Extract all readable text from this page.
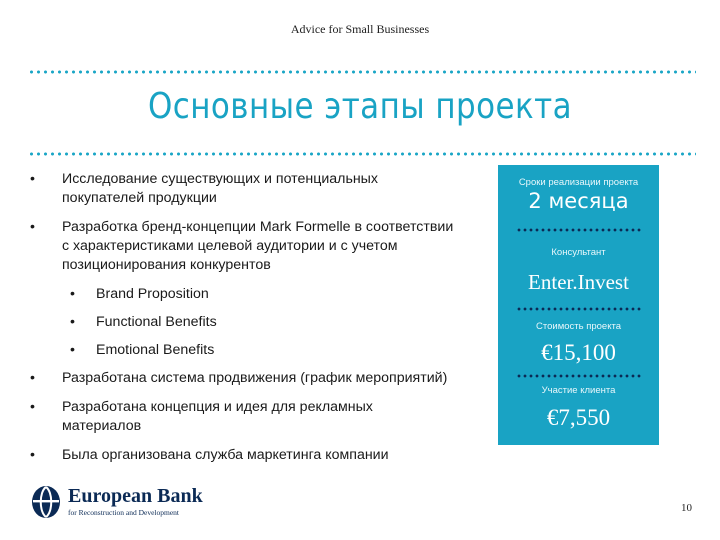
Advice for Small Businesses
Основные этапы проекта
• Исследование существующих и потенциальных покупателей продукции
• Разработка бренд-концепции Mark Formelle в соответствии с характеристиками целевой аудитории и с учетом позиционирования конкурентов
• Brand Proposition
• Functional Benefits
• Emotional Benefits
• Разработана система продвижения (график мероприятий)
• Разработана концепция и идея для рекламных материалов
• Была организована служба маркетинга компании
Сроки реализации проекта
2 месяца
Консультант
Enter.Invest
Стоимость проекта
€15,100
Участие клиента
€7,550
European Bank
for Reconstruction and Development	10
